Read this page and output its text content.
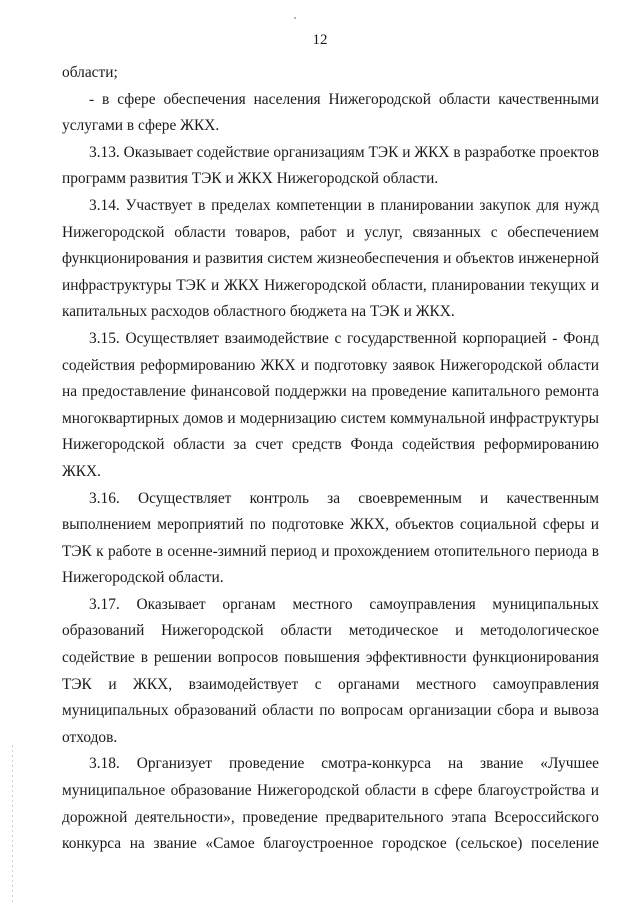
12

области;

- в сфере обеспечения населения Нижегородской области качественными услугами в сфере ЖКХ.

3.13. Оказывает содействие организациям ТЭК и ЖКХ в разработке проектов программ развития ТЭК и ЖКХ Нижегородской области.

3.14. Участвует в пределах компетенции в планировании закупок для нужд Нижегородской области товаров, работ и услуг, связанных с обеспечением функционирования и развития систем жизнеобеспечения и объектов инженерной инфраструктуры ТЭК и ЖКХ Нижегородской области, планировании текущих и капитальных расходов областного бюджета на ТЭК и ЖКХ.

3.15. Осуществляет взаимодействие с государственной корпорацией - Фонд содействия реформированию ЖКХ и подготовку заявок Нижегородской области на предоставление финансовой поддержки на проведение капитального ремонта многоквартирных домов и модернизацию систем коммунальной инфраструктуры Нижегородской области за счет средств Фонда содействия реформированию ЖКХ.

3.16. Осуществляет контроль за своевременным и качественным выполнением мероприятий по подготовке ЖКХ, объектов социальной сферы и ТЭК к работе в осенне-зимний период и прохождением отопительного периода в Нижегородской области.

3.17. Оказывает органам местного самоуправления муниципальных образований Нижегородской области методическое и методологическое содействие в решении вопросов повышения эффективности функционирования ТЭК и ЖКХ, взаимодействует с органами местного самоуправления муниципальных образований области по вопросам организации сбора и вывоза отходов.

3.18. Организует проведение смотра-конкурса на звание «Лучшее муниципальное образование Нижегородской области в сфере благоустройства и дорожной деятельности», проведение предварительного этапа Всероссийского конкурса на звание «Самое благоустроенное городское (сельское) поселение
